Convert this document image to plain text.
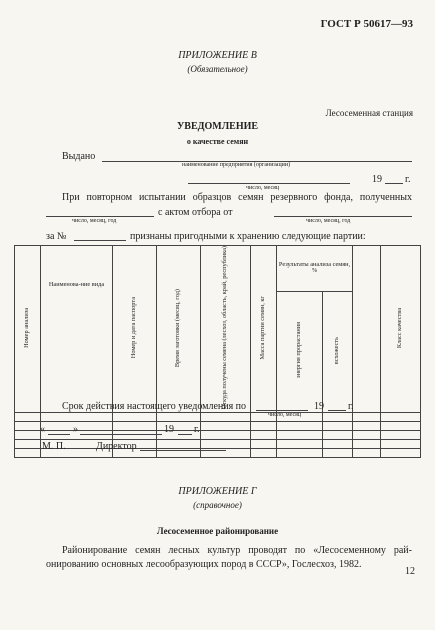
ГОСТ Р 50617—93
ПРИЛОЖЕНИЕ В
(Обязательное)
Лесосеменная станция
УВЕДОМЛЕНИЕ
о качестве семян
Выдано
наименование предприятия (организации)
19 г.
число, месяц
При повторном испытании образцов семян резервного фонда, полученных
с актом отбора от
число, месяц, год	число, месяц, год
за №	признаны пригодными к хранению следующие партии:
Номер анализа	Наименова-ние вида	Номер и дата паспорта	Время заготовки (месяц, год)	Откуда получены семена (лесхоз, область, край, республика)	Масса партии семян, кг	Результаты анализа семян, %			Класс качества
						энергия прорастания	всхожесть		

Срок действия настоящего уведомления по	19 г.
число, месяц
«	»	19 г.
М. П.	Директор
ПРИЛОЖЕНИЕ Г
(справочное)
Лесосеменное районирование
Районирование семян лесных культур проводят по «Лесосеменному рай-
онированию основных лесообразующих пород в СССР», Гослесхоз, 1982.
12
